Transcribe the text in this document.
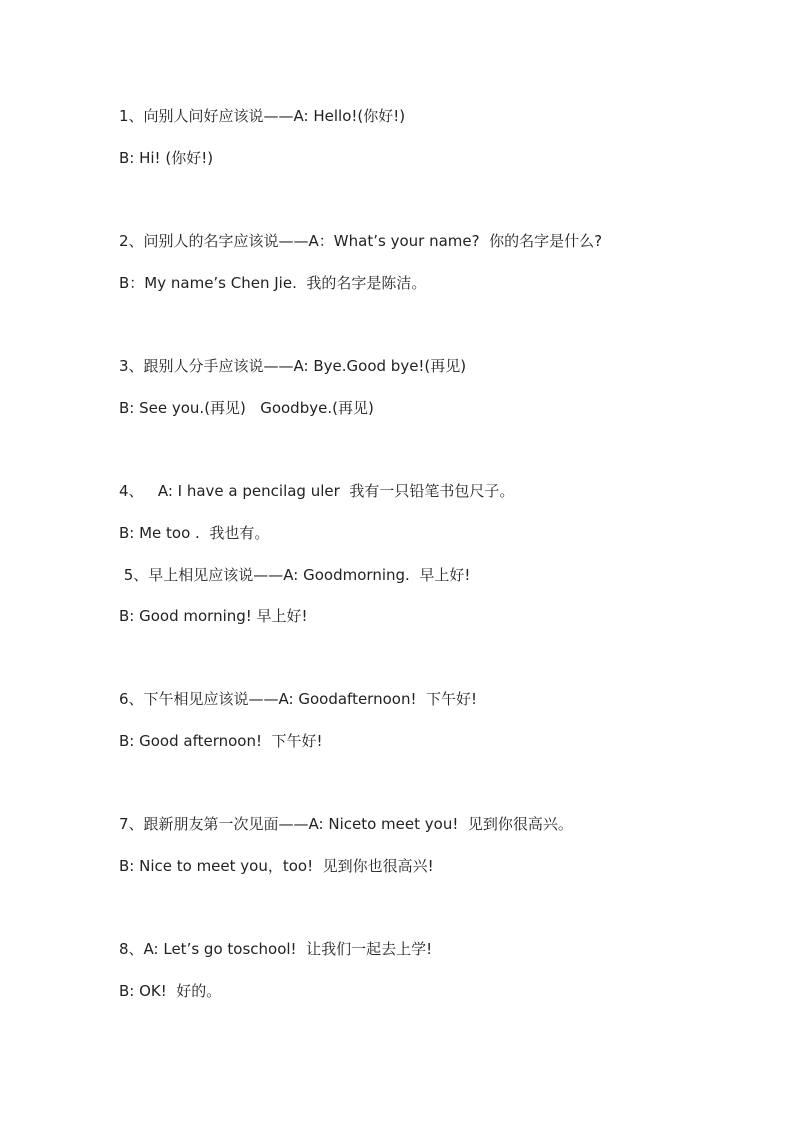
1、向别人问好应该说——A: Hello!(你好!)
B: Hi! (你好!)
2、问别人的名字应该说——A：What’s your name?  你的名字是什么?
B：My name’s Chen Jie.  我的名字是陈洁。
3、跟别人分手应该说——A: Bye.Good bye!(再见)
B: See you.(再见)   Goodbye.(再见)
4、   A: I have a pencilag uler  我有一只铅笔书包尺子。
B: Me too .  我也有。
5、早上相见应该说——A: Goodmorning.  早上好!
B: Good morning! 早上好!
6、下午相见应该说——A: Goodafternoon!  下午好!
B: Good afternoon!  下午好!
7、跟新朋友第一次见面——A: Niceto meet you!  见到你很高兴。
B: Nice to meet you，too!  见到你也很高兴!
8、A: Let’s go toschool!  让我们一起去上学!
B: OK!  好的。
